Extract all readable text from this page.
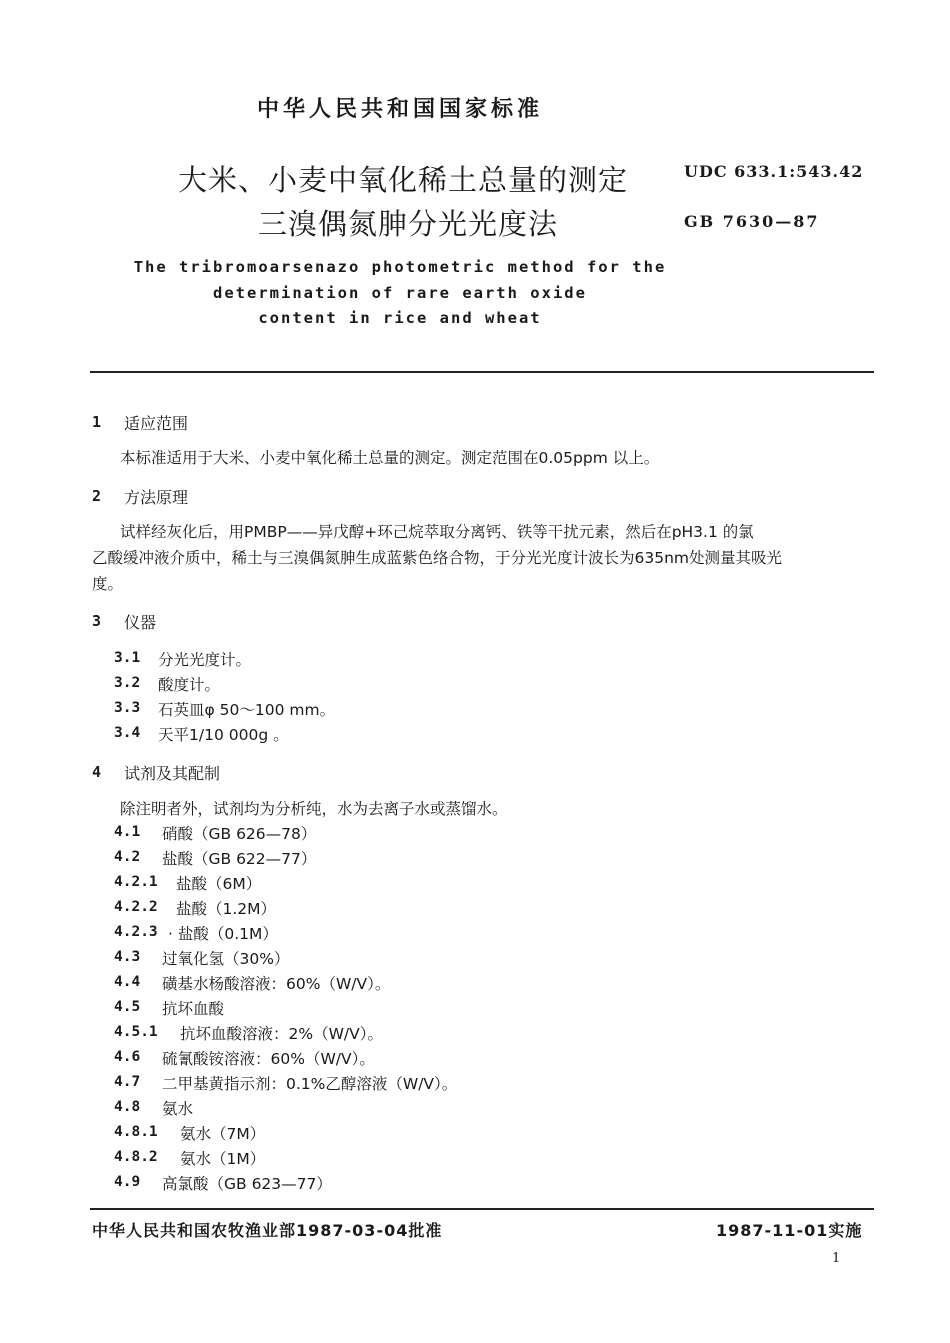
中华人民共和国国家标准
大米、小麦中氧化稀土总量的测定
三溴偶氮胂分光光度法
UDC 633.1:543.42
GB 7630—87
The tribromoarsenazo photometric method for the
determination of rare earth oxide
content in rice and wheat
1 适应范围
本标准适用于大米、小麦中氧化稀土总量的测定。测定范围在0.05ppm 以上。
2 方法原理
试样经灰化后，用PMBP——异戊醇+环己烷萃取分离钙、铁等干扰元素，然后在pH3.1 的氯
乙酸缓冲液介质中，稀土与三溴偶氮胂生成蓝紫色络合物，于分光光度计波长为635nm处测量其吸光
度。
3 仪器
3.1 分光光度计。
3.2 酸度计。
3.3 石英皿φ 50～100 mm。
3.4 天平1/10 000g 。
4 试剂及其配制
除注明者外，试剂均为分析纯，水为去离子水或蒸馏水。
4.1 硝酸（GB 626—78）
4.2 盐酸（GB 622—77）
4.2.1 盐酸（6M）
4.2.2 盐酸（1.2M）
4.2.3 · 盐酸（0.1M）
4.3 过氧化氢（30%）
4.4 磺基水杨酸溶液：60%（W/V）。
4.5 抗坏血酸
4.5.1 抗坏血酸溶液：2%（W/V）。
4.6 硫氰酸铵溶液：60%（W/V）。
4.7 二甲基黄指示剂：0.1%乙醇溶液（W/V）。
4.8 氨水
4.8.1 氨水（7M）
4.8.2 氨水（1M）
4.9 高氯酸（GB 623—77）
中华人民共和国农牧渔业部1987-03-04批准	1987-11-01实施
1
